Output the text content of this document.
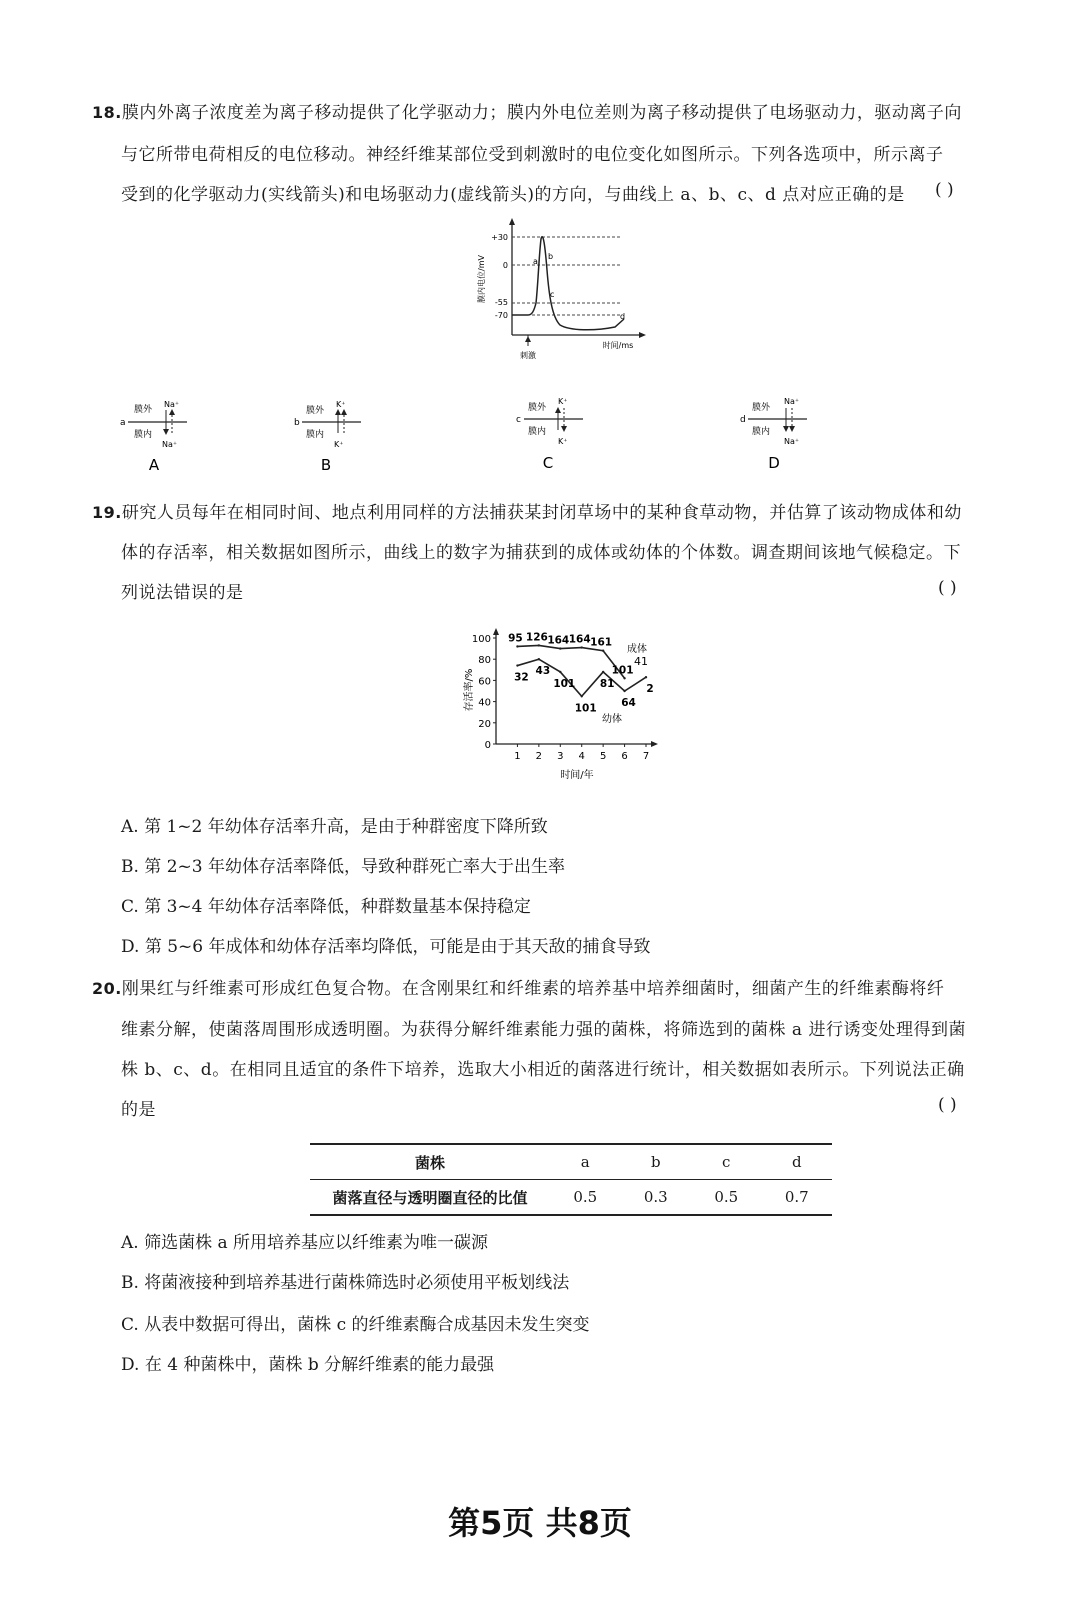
18.膜内外离子浓度差为离子移动提供了化学驱动力；膜内外电位差则为离子移动提供了电场驱动力，驱动离子向
与它所带电荷相反的电位移动。神经纤维某部位受到刺激时的电位变化如图所示。下列各选项中，所示离子
受到的化学驱动力(实线箭头)和电场驱动力(虚线箭头)的方向，与曲线上 a、b、c、d 点对应正确的是 ( )
+30
0
-55
-70
膜内电位/mV	a
b
c
d
刺激
时间/ms
a
膜外
膜内
Na⁺
Na⁺
A
b
膜外
膜内
K⁺
K⁺
B
c
膜外
膜内
K⁺
K⁺
C
d
膜外
膜内
Na⁺
Na⁺
D
19.研究人员每年在相同时间、地点利用同样的方法捕获某封闭草场中的某种食草动物，并估算了该动物成体和幼
体的存活率，相关数据如图所示，曲线上的数字为捕获到的成体或幼体的个体数。调查期间该地气候稳定。下
列说法错误的是	( )
0
20
40
60
80
100
1 2 3 4 5 6 7
95 126 164 164 161
101
32
43
101
101
81
64
2
存活率/%
时间/年
成体
幼体
41
A. 第 1~2 年幼体存活率升高，是由于种群密度下降所致
B. 第 2~3 年幼体存活率降低，导致种群死亡率大于出生率
C. 第 3~4 年幼体存活率降低，种群数量基本保持稳定
D. 第 5~6 年成体和幼体存活率均降低，可能是由于其天敌的捕食导致
20.刚果红与纤维素可形成红色复合物。在含刚果红和纤维素的培养基中培养细菌时，细菌产生的纤维素酶将纤
维素分解，使菌落周围形成透明圈。为获得分解纤维素能力强的菌株，将筛选到的菌株 a 进行诱变处理得到菌
株 b、c、d。在相同且适宜的条件下培养，选取大小相近的菌落进行统计，相关数据如表所示。下列说法正确
的是	( )
菌株	a	b	c	d
菌落直径与透明圈直径的比值	0.5	0.3	0.5	0.7
A. 筛选菌株 a 所用培养基应以纤维素为唯一碳源
B. 将菌液接种到培养基进行菌株筛选时必须使用平板划线法
C. 从表中数据可得出，菌株 c 的纤维素酶合成基因未发生突变
D. 在 4 种菌株中，菌株 b 分解纤维素的能力最强
第5页 共8页
